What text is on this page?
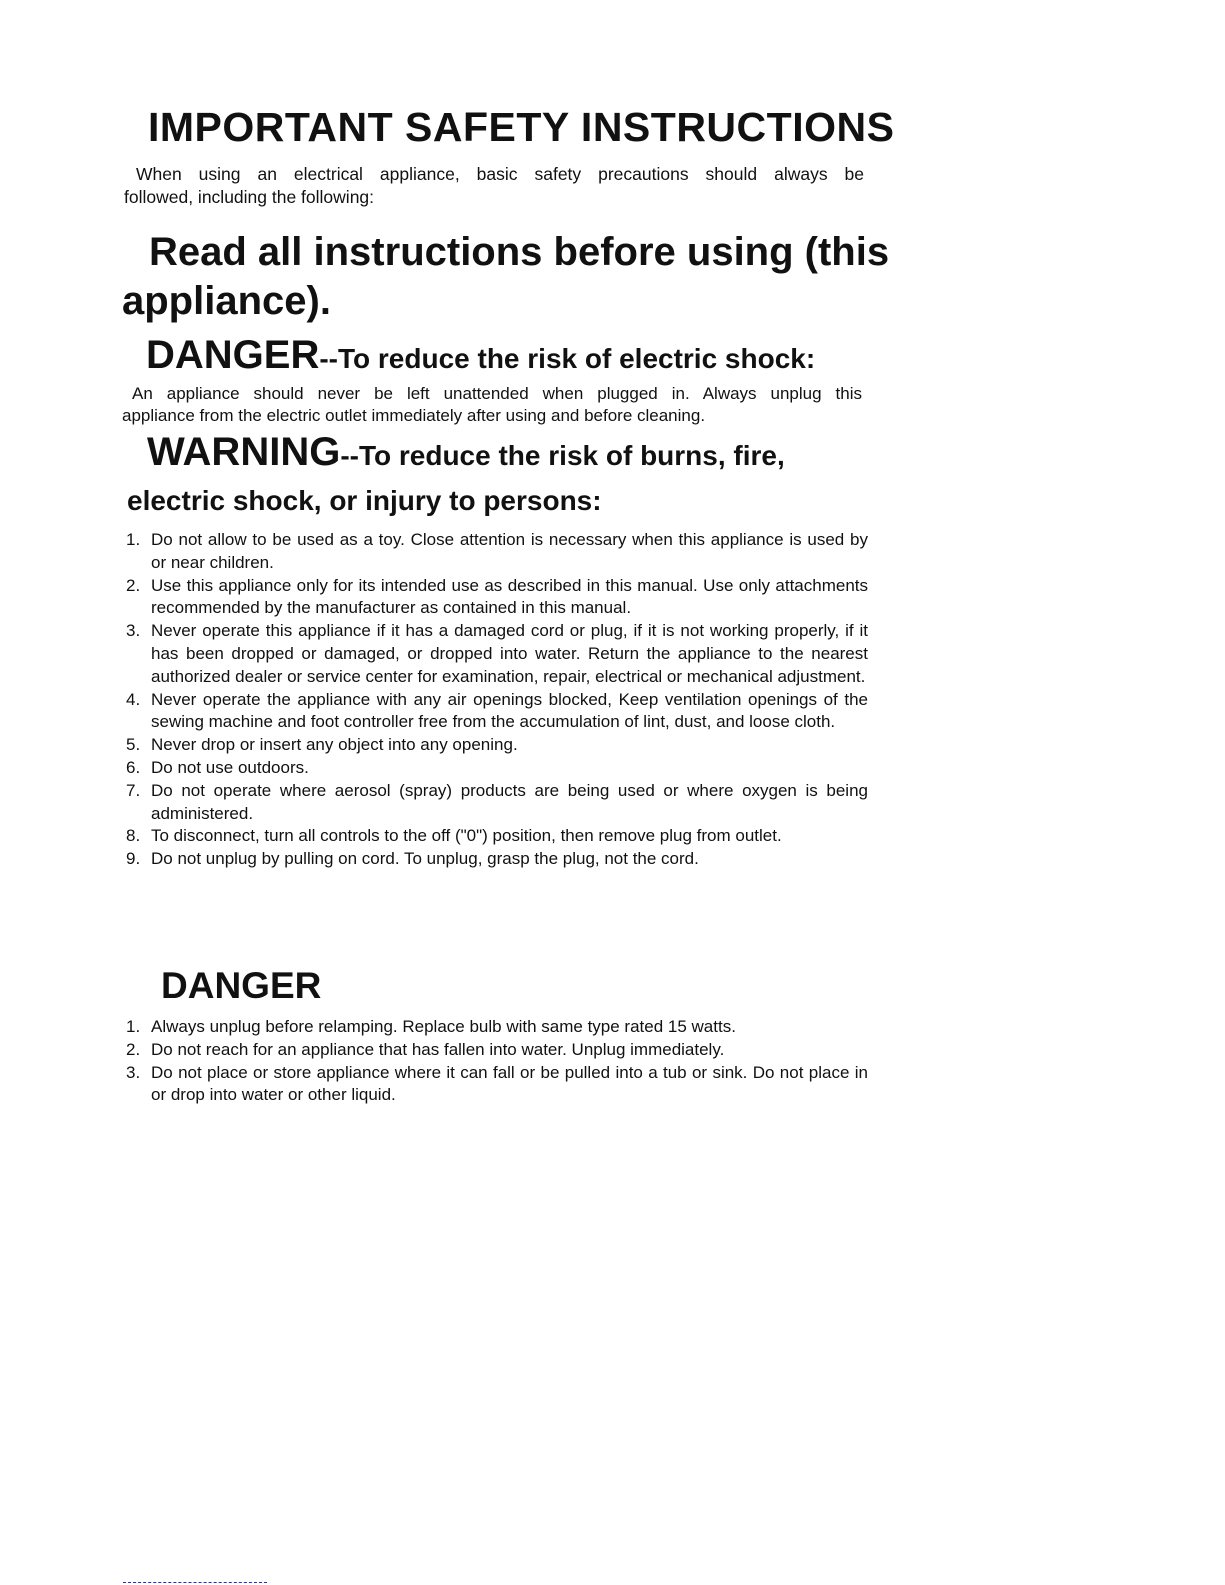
IMPORTANT SAFETY INSTRUCTIONS
When using an electrical appliance, basic safety precautions should always be
followed, including the following:
Read all instructions before using (this
appliance).
DANGER--To reduce the risk of electric shock:
An appliance should never be left unattended when plugged in. Always unplug this
appliance from the electric outlet immediately after using and before cleaning.
WARNING--To reduce the risk of burns, fire,
electric shock, or injury to persons:
1. Do not allow to be used as a toy. Close attention is necessary when this appliance is used by or near children.
2. Use this appliance only for its intended use as described in this manual. Use only attachments recommended by the manufacturer as contained in this manual.
3. Never operate this appliance if it has a damaged cord or plug, if it is not working properly, if it has been dropped or damaged, or dropped into water. Return the appliance to the nearest authorized dealer or service center for examination, repair, electrical or mechanical adjustment.
4. Never operate the appliance with any air openings blocked, Keep ventilation openings of the sewing machine and foot controller free from the accumulation of lint, dust, and loose cloth.
5. Never drop or insert any object into any opening.
6. Do not use outdoors.
7. Do not operate where aerosol (spray) products are being used or where oxygen is being administered.
8. To disconnect, turn all controls to the off ("0") position, then remove plug from outlet.
9. Do not unplug by pulling on cord. To unplug, grasp the plug, not the cord.
DANGER
1. Always unplug before relamping. Replace bulb with same type rated 15 watts.
2. Do not reach for an appliance that has fallen into water. Unplug immediately.
3. Do not place or store appliance where it can fall or be pulled into a tub or sink. Do not place in or drop into water or other liquid.
